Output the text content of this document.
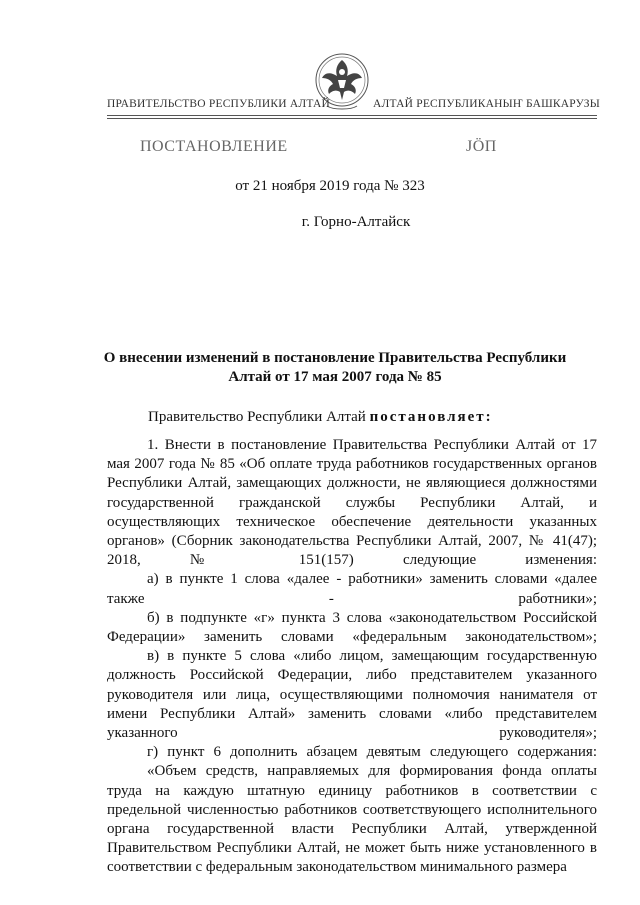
ПРАВИТЕЛЬСТВО РЕСПУБЛИКИ АЛТАЙ	АЛТАЙ РЕСПУБЛИКАНЫҤ БАШКАРУЗЫ
ПОСТАНОВЛЕНИЕ	ЈӦП
от 21 ноября 2019 года № 323
г. Горно-Алтайск
О внесении изменений в постановление Правительства Республики Алтай от 17 мая 2007 года № 85
Правительство Республики Алтай постановляет:

1. Внести в постановление Правительства Республики Алтай от 17 мая 2007 года № 85 «Об оплате труда работников государственных органов Республики Алтай, замещающих должности, не являющиеся должностями государственной гражданской службы Республики Алтай, и осуществляющих техническое обеспечение деятельности указанных органов» (Сборник законодательства Республики Алтай, 2007, № 41(47); 2018, № 151(157) следующие изменения:

а) в пункте 1 слова «далее - работники» заменить словами «далее также - работники»;

б) в подпункте «г» пункта 3 слова «законодательством Российской Федерации» заменить словами «федеральным законодательством»;

в) в пункте 5 слова «либо лицом, замещающим государственную должность Российской Федерации, либо представителем указанного руководителя или лица, осуществляющими полномочия нанимателя от имени Республики Алтай» заменить словами «либо представителем указанного руководителя»;

г) пункт 6 дополнить абзацем девятым следующего содержания:

«Объем средств, направляемых для формирования фонда оплаты труда на каждую штатную единицу работников в соответствии с предельной численностью работников соответствующего исполнительного органа государственной власти Республики Алтай, утвержденной Правительством Республики Алтай, не может быть ниже установленного в соответствии с федеральным законодательством минимального размера
